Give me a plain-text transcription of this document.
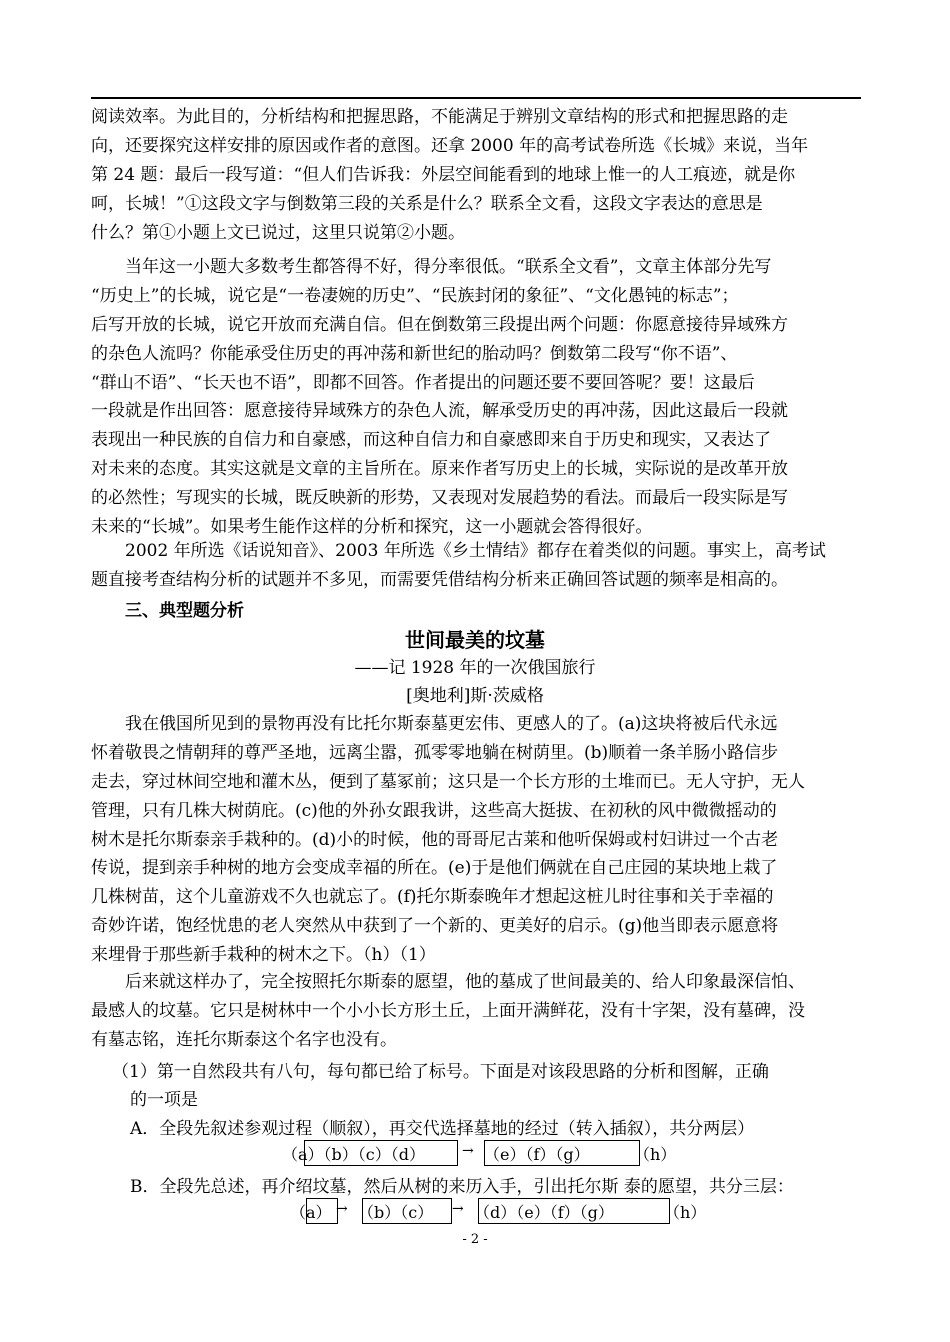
阅读效率。为此目的，分析结构和把握思路，不能满足于辨别文章结构的形式和把握思路的走
向，还要探究这样安排的原因或作者的意图。还拿 2000 年的高考试卷所选《长城》来说，当年
第 24 题：最后一段写道：“但人们告诉我：外层空间能看到的地球上惟一的人工痕迹，就是你
呵，长城！”①这段文字与倒数第三段的关系是什么？联系全文看，这段文字表达的意思是
什么？第①小题上文已说过，这里只说第②小题。
当年这一小题大多数考生都答得不好，得分率很低。“联系全文看”，文章主体部分先写
“历史上”的长城，说它是“一卷凄婉的历史”、“民族封闭的象征”、“文化愚钝的标志”；
后写开放的长城，说它开放而充满自信。但在倒数第三段提出两个问题：你愿意接待异域殊方
的杂色人流吗？你能承受住历史的再冲荡和新世纪的胎动吗？倒数第二段写“你不语”、
“群山不语”、“长天也不语”，即都不回答。作者提出的问题还要不要回答呢？要！这最后
一段就是作出回答：愿意接待异域殊方的杂色人流，解承受历史的再冲荡，因此这最后一段就
表现出一种民族的自信力和自豪感，而这种自信力和自豪感即来自于历史和现实，又表达了
对未来的态度。其实这就是文章的主旨所在。原来作者写历史上的长城，实际说的是改革开放
的必然性；写现实的长城，既反映新的形势，又表现对发展趋势的看法。而最后一段实际是写
未来的“长城”。如果考生能作这样的分析和探究，这一小题就会答得很好。
2002 年所选《话说知音》、2003 年所选《乡土情结》都存在着类似的问题。事实上，高考试
题直接考查结构分析的试题并不多见，而需要凭借结构分析来正确回答试题的频率是相高的。

三、典型题分析

世间最美的坟墓

——记 1928 年的一次俄国旅行

[奥地利]斯·茨威格

我在俄国所见到的景物再没有比托尔斯泰墓更宏伟、更感人的了。(a)这块将被后代永远
怀着敬畏之情朝拜的尊严圣地，远离尘嚣，孤零零地躺在树荫里。(b)顺着一条羊肠小路信步
走去，穿过林间空地和灌木丛，便到了墓冢前；这只是一个长方形的土堆而已。无人守护，无人
管理，只有几株大树荫庇。(c)他的外孙女跟我讲，这些高大挺拔、在初秋的风中微微摇动的
树木是托尔斯泰亲手栽种的。(d)小的时候，他的哥哥尼古莱和他听保姆或村妇讲过一个古老
传说，提到亲手种树的地方会变成幸福的所在。(e)于是他们俩就在自己庄园的某块地上栽了
几株树苗，这个儿童游戏不久也就忘了。(f)托尔斯泰晚年才想起这桩儿时往事和关于幸福的
奇妙许诺，饱经忧患的老人突然从中获到了一个新的、更美好的启示。(g)他当即表示愿意将
来埋骨于那些新手栽种的树木之下。（h）（1）
后来就这样办了，完全按照托尔斯泰的愿望，他的墓成了世间最美的、给人印象最深信怕、
最感人的坟墓。它只是树林中一个小小长方形土丘，上面开满鲜花，没有十字架，没有墓碑，没
有墓志铭，连托尔斯泰这个名字也没有。

（1）第一自然段共有八句，每句都已给了标号。下面是对该段思路的分析和图解，正确

的一项是

A．全段先叙述参观过程（顺叙），再交代选择墓地的经过（转入插叙），共分两层）

（a）（b）（c）（d）	→ （e）（f）（g）	（h）

B．全段先总述，再介绍坟墓，然后从树的来历入手，引出托尔斯 泰的愿望，共分三层：

（a） → （b）（c） → （d）（e）（f）（g）	（h）

- 2 -
